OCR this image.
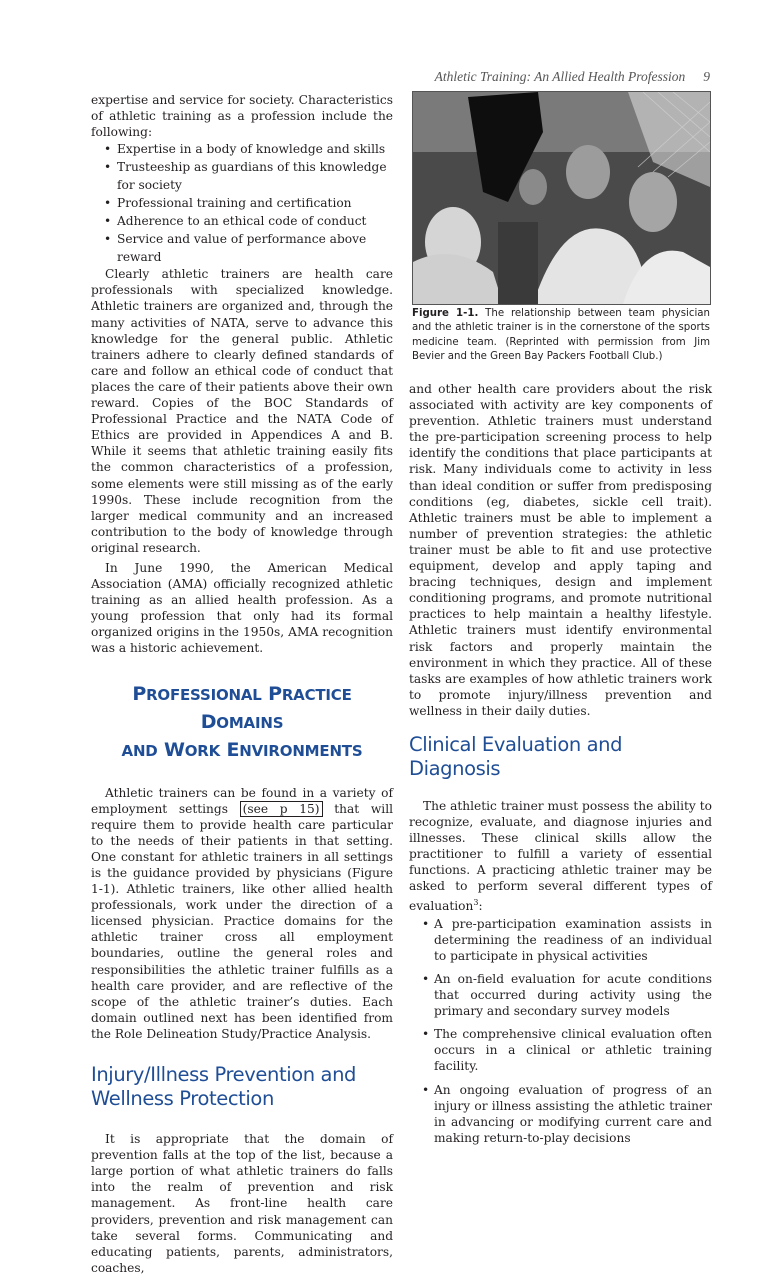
Athletic Training: An Allied Health Profession 9

expertise and service for society. Characteristics of athletic training as a profession include the following:

• Expertise in a body of knowledge and skills
• Trusteeship as guardians of this knowledge for society
• Professional training and certification
• Adherence to an ethical code of conduct
• Service and value of performance above reward

Clearly athletic trainers are health care professionals with specialized knowledge. Athletic trainers are organized and, through the many activities of NATA, serve to advance this knowledge for the general public. Athletic trainers adhere to clearly defined standards of care and follow an ethical code of conduct that places the care of their patients above their own reward. Copies of the BOC Standards of Professional Practice and the NATA Code of Ethics are provided in Appendices A and B. While it seems that athletic training easily fits the common characteristics of a profession, some elements were still missing as of the early 1990s. These include recognition from the larger medical community and an increased contribution to the body of knowledge through original research.

In June 1990, the American Medical Association (AMA) officially recognized athletic training as an allied health profession. As a young profession that only had its formal organized origins in the 1950s, AMA recognition was a historic achievement.

PROFESSIONAL PRACTICE DOMAINS
AND WORK ENVIRONMENTS

Athletic trainers can be found in a variety of employment settings (see p 15) that will require them to provide health care particular to the needs of their patients in that setting. One constant for athletic trainers in all settings is the guidance provided by physicians (Figure 1-1). Athletic trainers, like other allied health professionals, work under the direction of a licensed physician. Practice domains for the athletic trainer cross all employment boundaries, outline the general roles and responsibilities the athletic trainer fulfills as a health care provider, and are reflective of the scope of the athletic trainer’s duties. Each domain outlined next has been identified from the Role Delineation Study/Practice Analysis.

Injury/Illness Prevention and Wellness Protection

It is appropriate that the domain of prevention falls at the top of the list, because a large portion of what athletic trainers do falls into the realm of prevention and risk management. As front-line health care providers, prevention and risk management can take several forms. Communicating and educating patients, parents, administrators, coaches,

Figure 1-1. The relationship between team physician and the athletic trainer is in the cornerstone of the sports medicine team. (Reprinted with permission from Jim Bevier and the Green Bay Packers Football Club.)

and other health care providers about the risk associated with activity are key components of prevention. Athletic trainers must understand the pre-participation screening process to help identify the conditions that place participants at risk. Many individuals come to activity in less than ideal condition or suffer from predisposing conditions (eg, diabetes, sickle cell trait). Athletic trainers must be able to implement a number of prevention strategies: the athletic trainer must be able to fit and use protective equipment, develop and apply taping and bracing techniques, design and implement conditioning programs, and promote nutritional practices to help maintain a healthy lifestyle. Athletic trainers must identify environmental risk factors and properly maintain the environment in which they practice. All of these tasks are examples of how athletic trainers work to promote injury/illness prevention and wellness in their daily duties.

Clinical Evaluation and Diagnosis

The athletic trainer must possess the ability to recognize, evaluate, and diagnose injuries and illnesses. These clinical skills allow the practitioner to fulfill a variety of essential functions. A practicing athletic trainer may be asked to perform several different types of evaluation$^3$:

• A pre-participation examination assists in determining the readiness of an individual to participate in physical activities
• An on-field evaluation for acute conditions that occurred during activity using the primary and secondary survey models
• The comprehensive clinical evaluation often occurs in a clinical or athletic training facility.
• An ongoing evaluation of progress of an injury or illness assisting the athletic trainer in advancing or modifying current care and making return-to-play decisions
